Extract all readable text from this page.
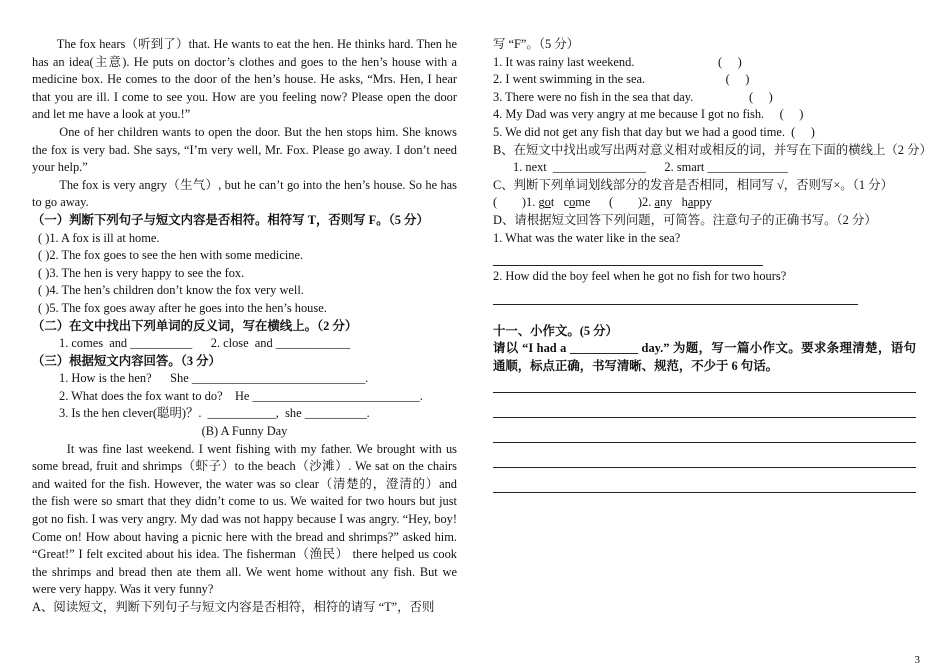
The fox hears（听到了）that. He wants to eat the hen. He thinks hard. Then he has an idea(主意). He puts on doctor’s clothes and goes to the hen’s house with a medicine box. He comes to the door of the hen’s house. He asks, “Mrs. Hen, I hear that you are ill. I come to see you. How are you feeling now? Please open the door and let me have a look at you.!”

One of her children wants to open the door. But the hen stops him. She knows the fox is very bad. She says, “I’m very well, Mr. Fox. Please go away. I don’t need your help.”

The fox is very angry（生气）, but he can’t go into the hen’s house. So he has to go away.

（一）判断下列句子与短文内容是否相符。相符写 T，否则写 F。（5 分）

( )1. A fox is ill at home.

( )2. The fox goes to see the hen with some medicine.

( )3. The hen is very happy to see the fox.

( )4. The hen’s children don’t know the fox very well.

( )5. The fox goes away after he goes into the hen’s house.

（二）在文中找出下列单词的反义词，写在横线上。（2 分）

1. comes  and __________      2. close  and ____________

（三）根据短文内容回答。（3 分）

1. How is the hen?      She ____________________________.

2. What does the fox want to do?    He ___________________________.

3. Is the hen clever(聪明)？.  ___________,  she __________.

(B) A Funny Day

It was fine last weekend. I went fishing with my father. We brought with us some bread, fruit and shrimps（虾子）to the beach（沙滩）. We sat on the chairs and waited for the fish. However, the water was so clear（清楚的，澄清的）and the fish were so smart that they didn’t come to us. We waited for two hours but just got no fish. I was very angry. My dad was not happy because I was angry. “Hey, boy! Come on! How about having a picnic here with the bread and shrimps?” asked him. “Great!” I felt excited about his idea. The fisherman（渔民） there helped us cook the shrimps and bread then ate them all. We went home without any fish. But we were very happy. Was it very funny?

A、阅读短文，判断下列句子与短文内容是否相符，相符的请写 “T”，否则

写 “F”。（5 分）

1. It was rainy last weekend.                           (     )

2. I went swimming in the sea.                          (     )

3. There were no fish in the sea that day.                  (     )

4. My Dad was very angry at me because I got no fish.     (     )

5. We did not get any fish that day but we had a good time.  (     )

B、在短文中找出或写出两对意义相对或相反的词，并写在下面的横线上（2 分）

1. next  _______________      2. smart _____________

C、判断下列单词划线部分的发音是否相同，相同写 √，否则写×。（1 分）

(        )1. got   come      (        )2. any   happy

D、请根据短文回答下列问题，可简答。注意句子的正确书写。（2 分）

1. What was the water like in the sea?

2. How did the boy feel when he got no fish for two hours?

十一、小作文。(5 分）

请以 “I had a ___________ day.” 为题，写一篇小作文。要求条理清楚，语句通顺，标点正确，书写清晰、规范，不少于 6 句话。

3
